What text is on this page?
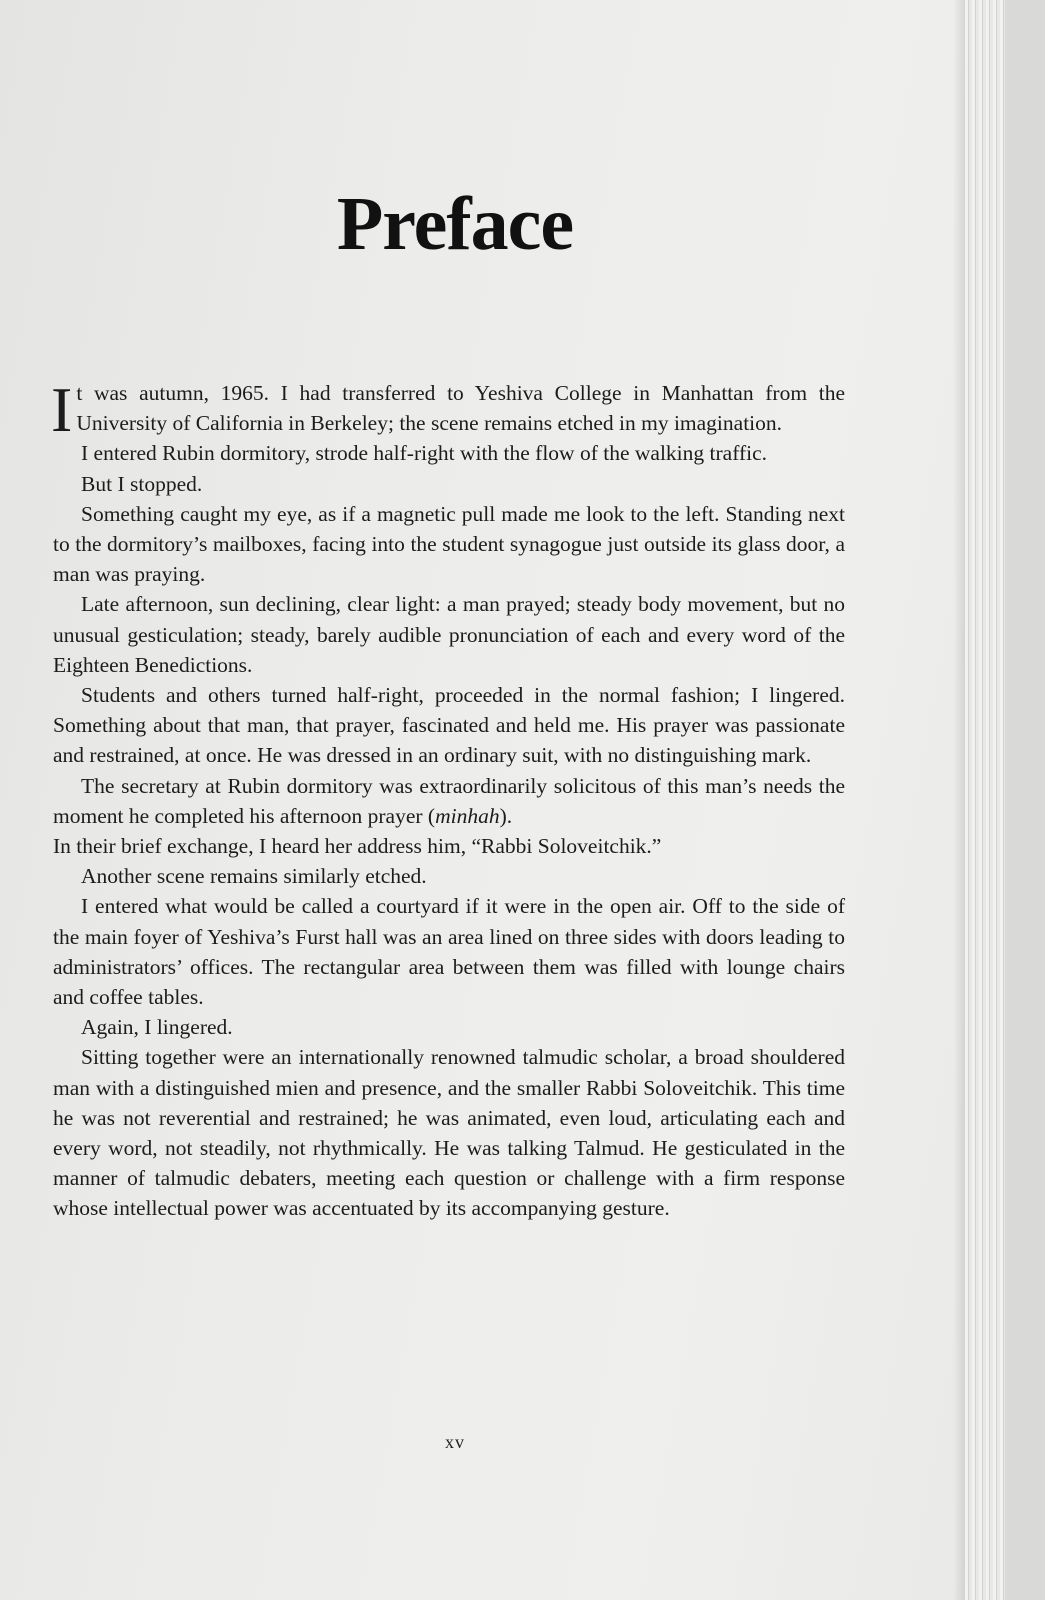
Preface

It was autumn, 1965. I had transferred to Yeshiva College in Manhattan from the University of California in Berkeley; the scene remains etched in my imagination.

I entered Rubin dormitory, strode half-right with the flow of the walking traffic.

But I stopped.

Something caught my eye, as if a magnetic pull made me look to the left. Standing next to the dormitory’s mailboxes, facing into the student synagogue just outside its glass door, a man was praying.

Late afternoon, sun declining, clear light: a man prayed; steady body movement, but no unusual gesticulation; steady, barely audible pronunciation of each and every word of the Eighteen Benedictions.

Students and others turned half-right, proceeded in the normal fashion; I lingered. Something about that man, that prayer, fascinated and held me. His prayer was passionate and restrained, at once. He was dressed in an ordinary suit, with no distinguishing mark.

The secretary at Rubin dormitory was extraordinarily solicitous of this man’s needs the moment he completed his afternoon prayer (minhah).

In their brief exchange, I heard her address him, “Rabbi Soloveitchik.”

Another scene remains similarly etched.

I entered what would be called a courtyard if it were in the open air. Off to the side of the main foyer of Yeshiva’s Furst hall was an area lined on three sides with doors leading to administrators’ offices. The rectangular area between them was filled with lounge chairs and coffee tables.

Again, I lingered.

Sitting together were an internationally renowned talmudic scholar, a broad shouldered man with a distinguished mien and presence, and the smaller Rabbi Soloveitchik. This time he was not reverential and restrained; he was animated, even loud, articulating each and every word, not steadily, not rhythmically. He was talking Talmud. He gesticulated in the manner of talmudic debaters, meeting each question or challenge with a firm response whose intellectual power was accentuated by its accompanying gesture.

xv
